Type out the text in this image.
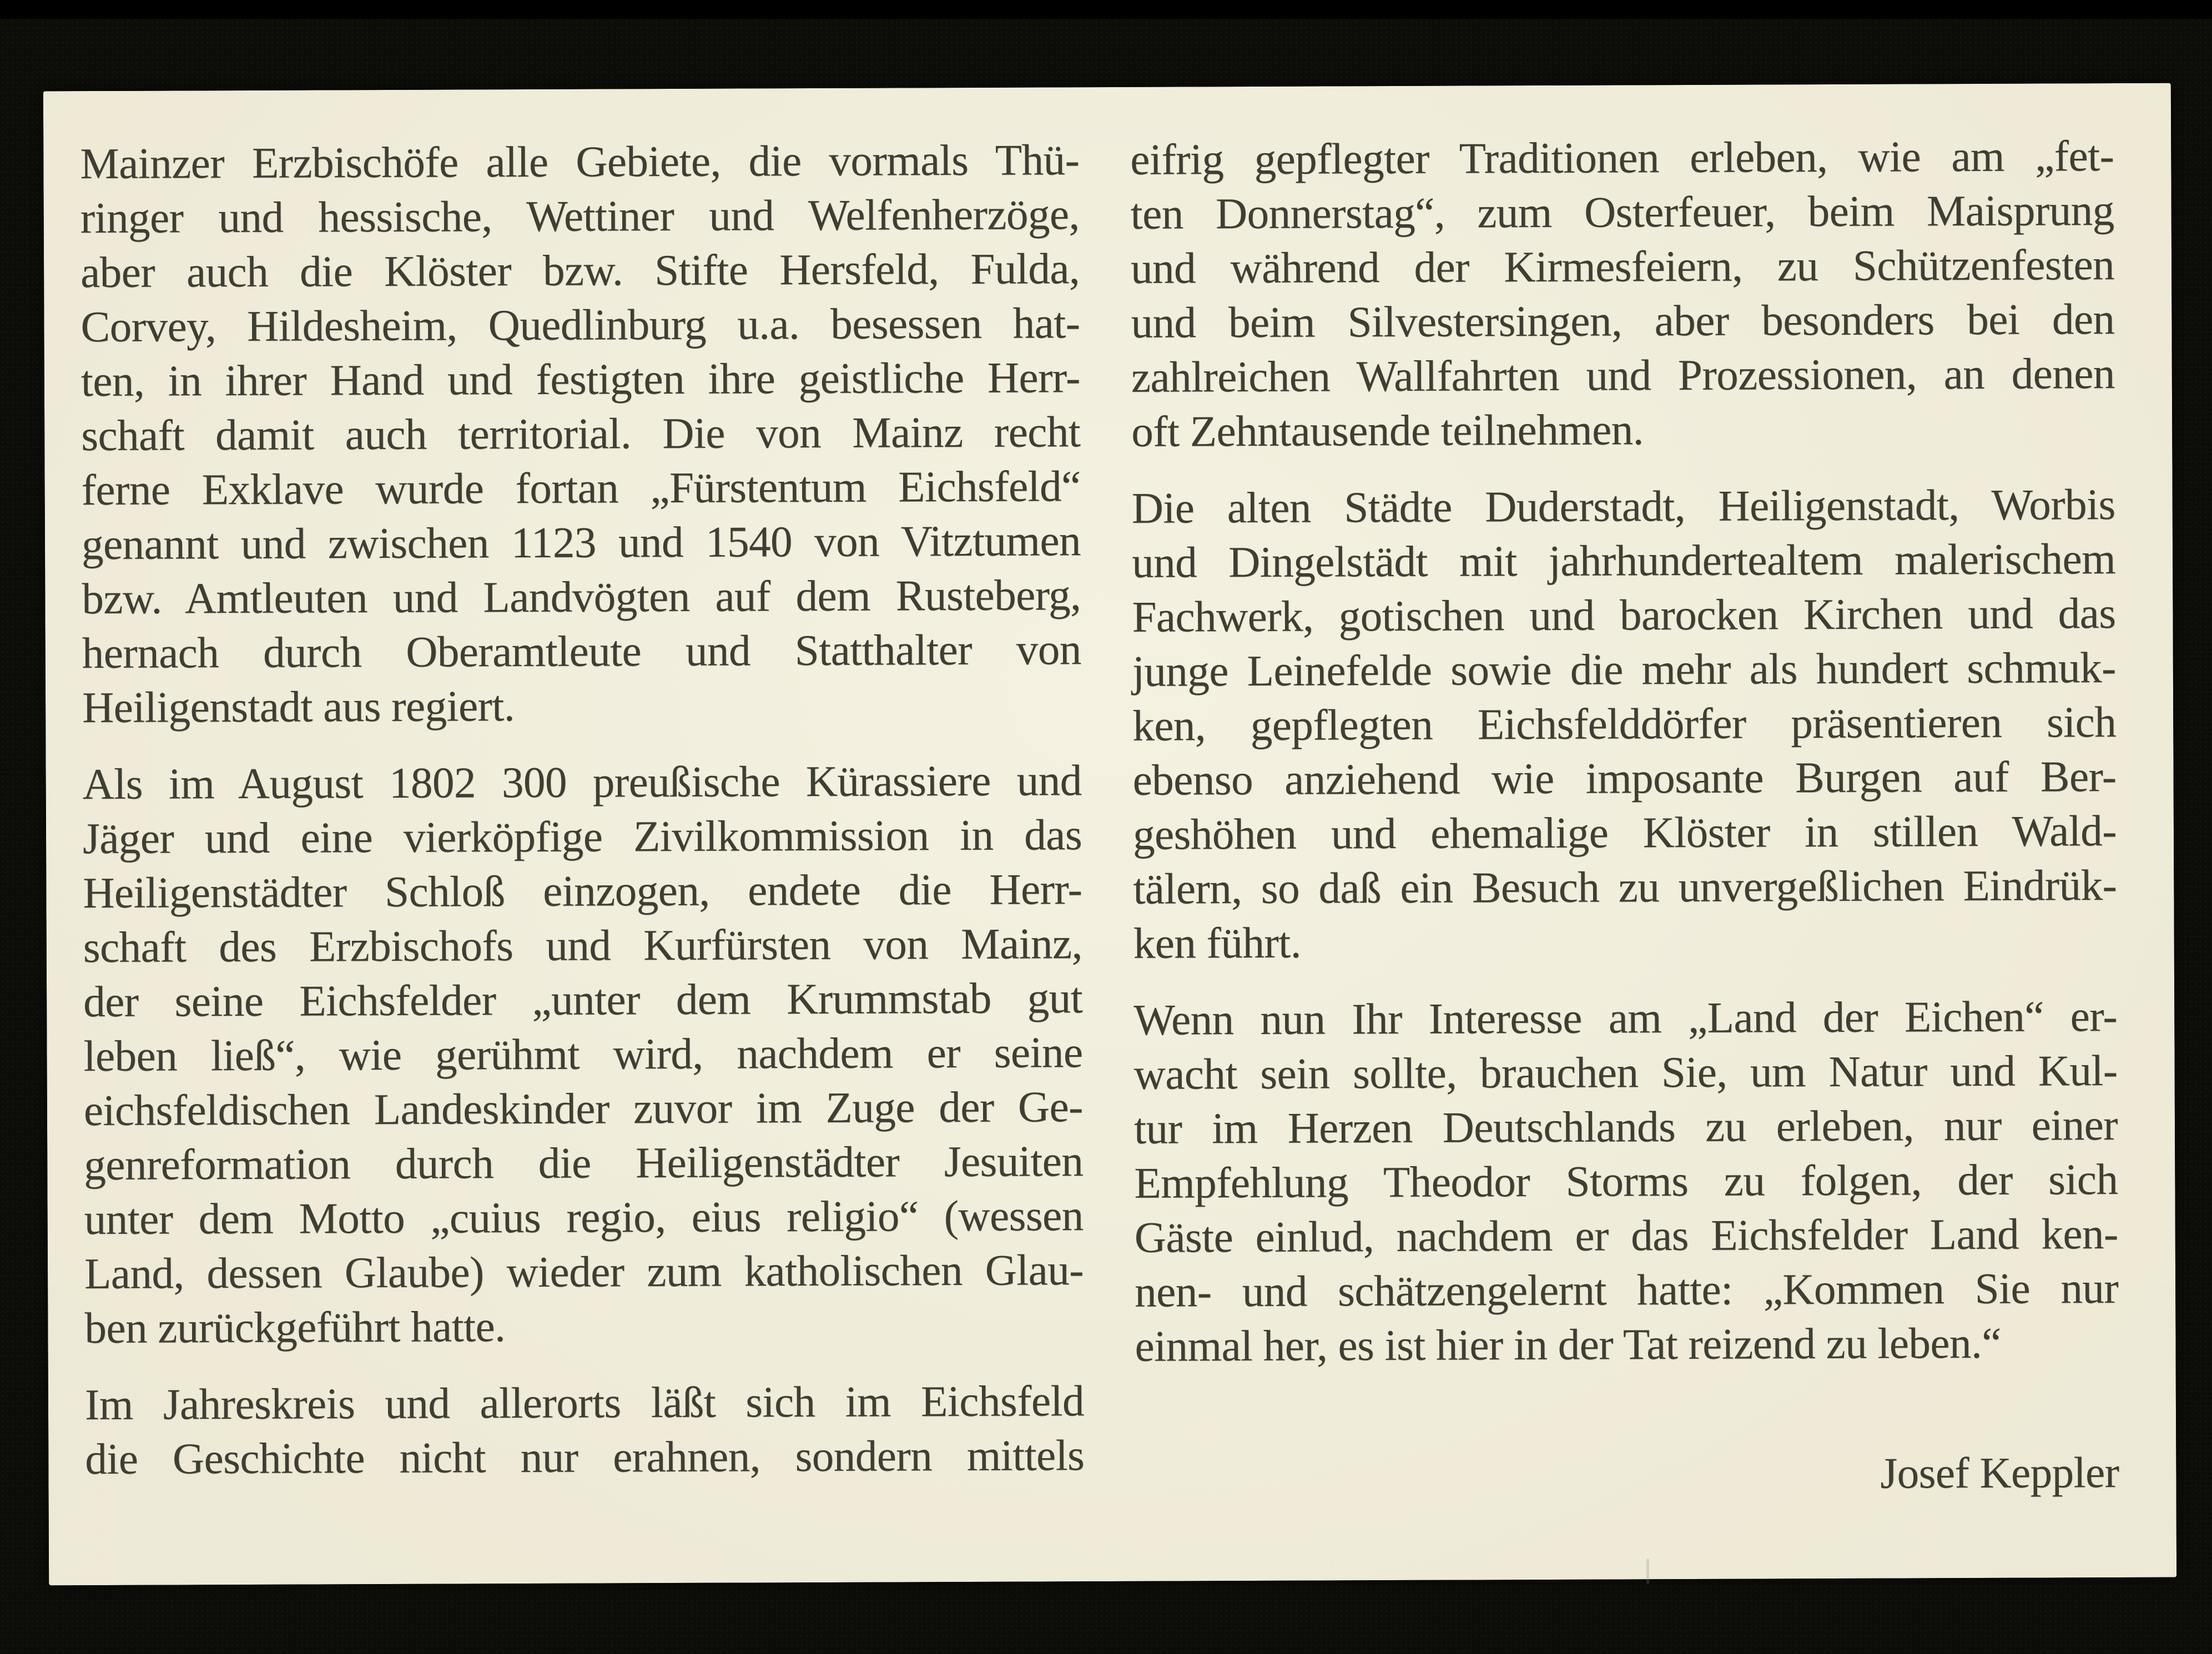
Mainzer Erzbischöfe alle Gebiete, die vormals Thü-
ringer und hessische, Wettiner und Welfenherzöge,
aber auch die Klöster bzw. Stifte Hersfeld, Fulda,
Corvey, Hildesheim, Quedlinburg u.a. besessen hat-
ten, in ihrer Hand und festigten ihre geistliche Herr-
schaft damit auch territorial. Die von Mainz recht
ferne Exklave wurde fortan „Fürstentum Eichsfeld“
genannt und zwischen 1123 und 1540 von Vitztumen
bzw. Amtleuten und Landvögten auf dem Rusteberg,
hernach durch Oberamtleute und Statthalter von
Heiligenstadt aus regiert.
Als im August 1802 300 preußische Kürassiere und
Jäger und eine vierköpfige Zivilkommission in das
Heiligenstädter Schloß einzogen, endete die Herr-
schaft des Erzbischofs und Kurfürsten von Mainz,
der seine Eichsfelder „unter dem Krummstab gut
leben ließ“, wie gerühmt wird, nachdem er seine
eichsfeldischen Landeskinder zuvor im Zuge der Ge-
genreformation durch die Heiligenstädter Jesuiten
unter dem Motto „cuius regio, eius religio“ (wessen
Land, dessen Glaube) wieder zum katholischen Glau-
ben zurückgeführt hatte.
Im Jahreskreis und allerorts läßt sich im Eichsfeld
die Geschichte nicht nur erahnen, sondern mittels
eifrig gepflegter Traditionen erleben, wie am „fet-
ten Donnerstag“, zum Osterfeuer, beim Maisprung
und während der Kirmesfeiern, zu Schützenfesten
und beim Silvestersingen, aber besonders bei den
zahlreichen Wallfahrten und Prozessionen, an denen
oft Zehntausende teilnehmen.
Die alten Städte Duderstadt, Heiligenstadt, Worbis
und Dingelstädt mit jahrhundertealtem malerischem
Fachwerk, gotischen und barocken Kirchen und das
junge Leinefelde sowie die mehr als hundert schmuk-
ken, gepflegten Eichsfelddörfer präsentieren sich
ebenso anziehend wie imposante Burgen auf Ber-
geshöhen und ehemalige Klöster in stillen Wald-
tälern, so daß ein Besuch zu unvergeßlichen Eindrük-
ken führt.
Wenn nun Ihr Interesse am „Land der Eichen“ er-
wacht sein sollte, brauchen Sie, um Natur und Kul-
tur im Herzen Deutschlands zu erleben, nur einer
Empfehlung Theodor Storms zu folgen, der sich
Gäste einlud, nachdem er das Eichsfelder Land ken-
nen- und schätzengelernt hatte: „Kommen Sie nur
einmal her, es ist hier in der Tat reizend zu leben.“
Josef Keppler
